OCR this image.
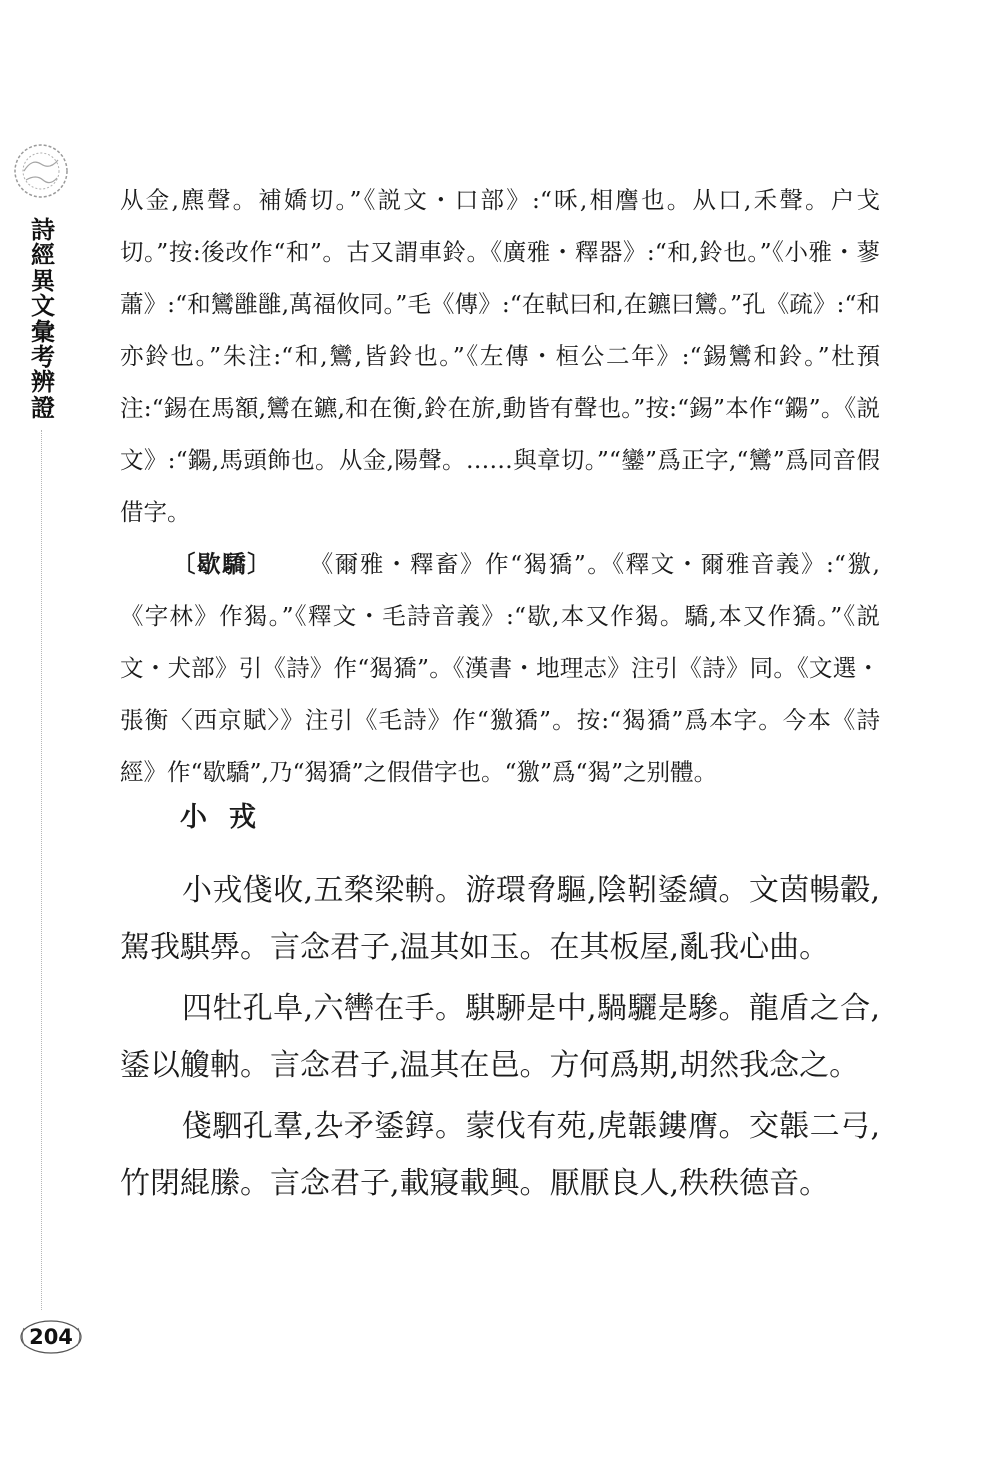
詩經異文彙考辨證
204

从金,麃聲。補嬌切。”《説文・口部》:“咊,相譍也。从口,禾聲。户戈切。”按:後改作“和”。古又謂車鈴。《廣雅・釋器》:“和,鈴也。”《小雅・蓼蕭》:“和鸞雝雝,萬福攸同。”毛《傳》:“在軾曰和,在鑣曰鸞。”孔《疏》:“和亦鈴也。”朱注:“和,鸞,皆鈴也。”《左傳・桓公二年》:“錫鸞和鈴。”杜預注:“錫在馬額,鸞在鑣,和在衡,鈴在旂,動皆有聲也。”按:“錫”本作“鐊”。《説文》:“鐊,馬頭飾也。从金,陽聲。……與章切。”“鑾”爲正字,“鸞”爲同音假借字。

〔歇驕〕 《爾雅・釋畜》作“猲獢”。《釋文・爾雅音義》:“獥,《字林》作猲。”《釋文・毛詩音義》:“歇,本又作猲。驕,本又作獢。”《説文・犬部》引《詩》作“猲獢”。《漢書・地理志》注引《詩》同。《文選・張衡〈西京賦〉》注引《毛詩》作“獥獢”。按:“猲獢”爲本字。今本《詩經》作“歇驕”,乃“猲獢”之假借字也。“獥”爲“猲”之别體。

小戎

小戎俴收,五楘梁輈。游環脅驅,陰靷鋈續。文茵暢轂,駕我騏馵。言念君子,温其如玉。在其板屋,亂我心曲。

四牡孔阜,六轡在手。騏駵是中,騧驪是驂。龍盾之合,鋈以觼軜。言念君子,温其在邑。方何爲期,胡然我念之。

俴駟孔羣,厹矛鋈錞。蒙伐有苑,虎韔鏤膺。交韔二弓,竹閉緄縢。言念君子,載寢載興。厭厭良人,秩秩德音。
